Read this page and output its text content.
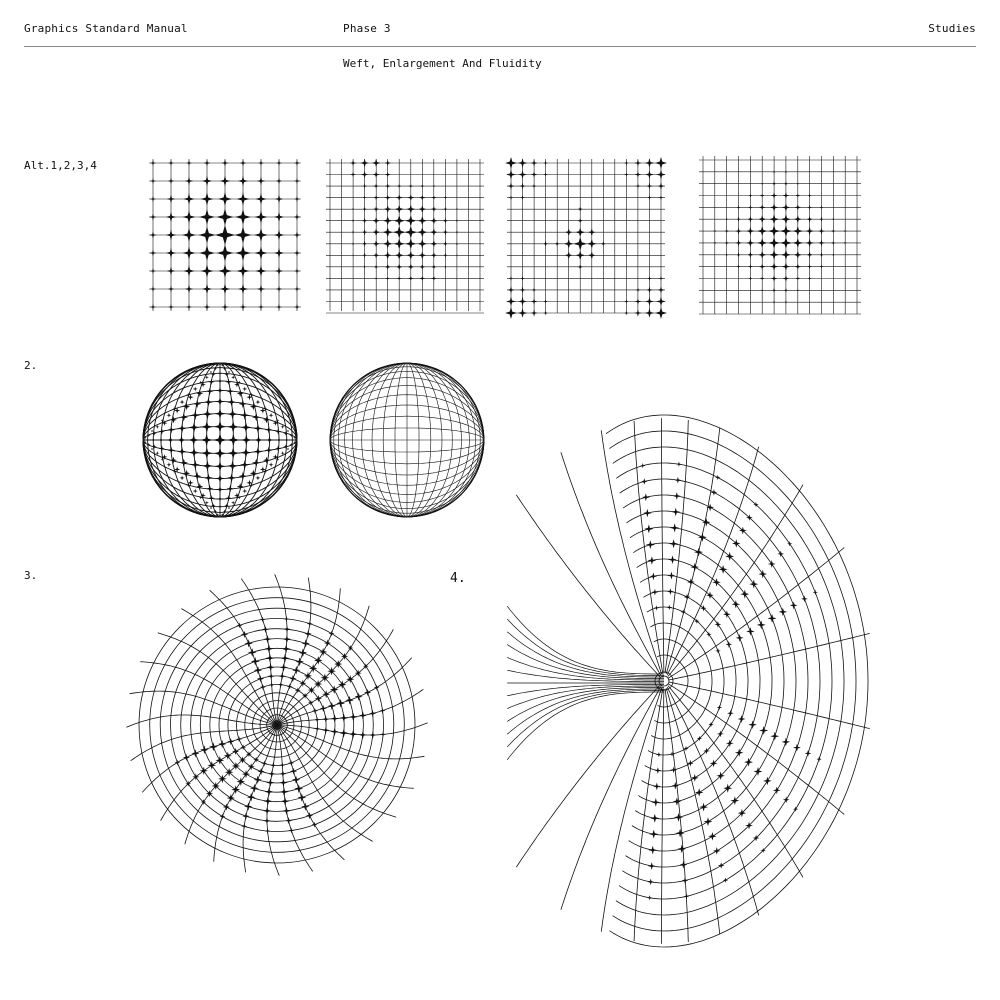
Graphics Standard Manual	Phase 3	Studies
Weft, Enlargement And Fluidity
Alt.1,2,3,4
2.
3.	4.
